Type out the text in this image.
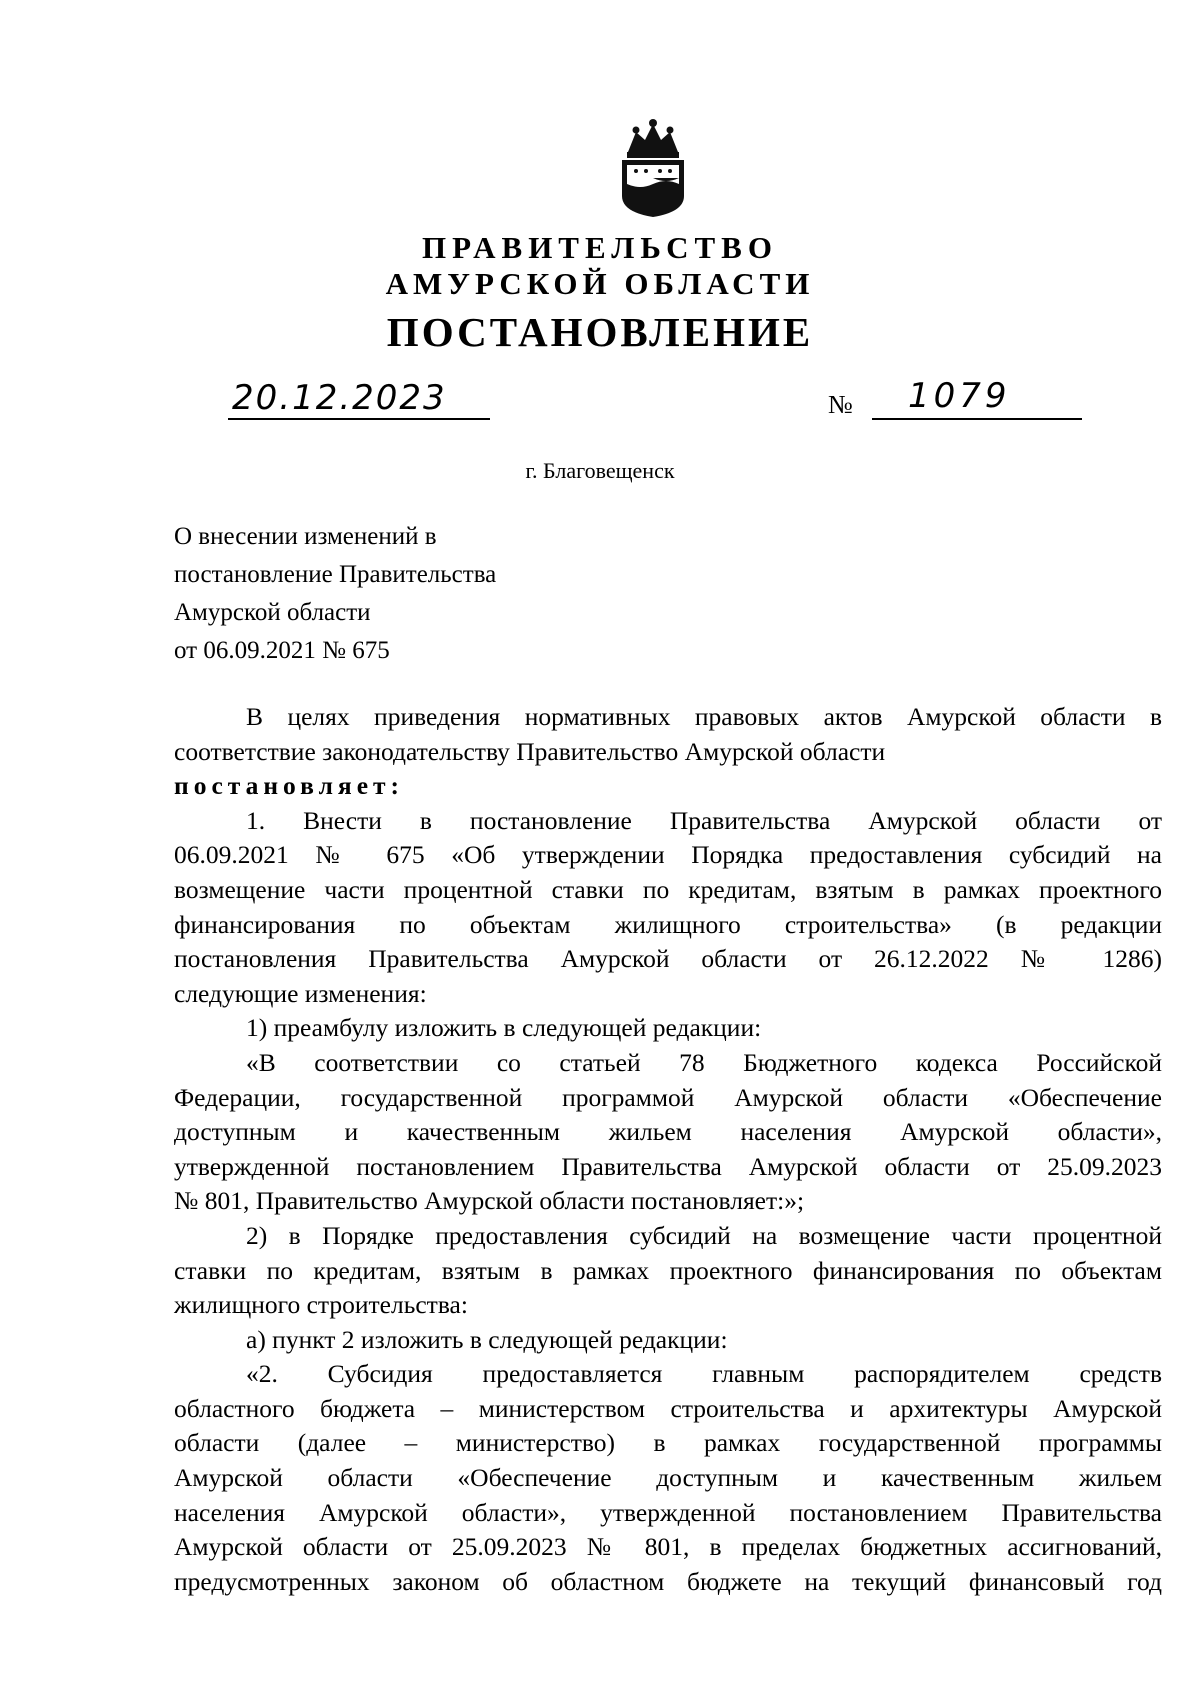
ПРАВИТЕЛЬСТВО
АМУРСКОЙ ОБЛАСТИ
ПОСТАНОВЛЕНИЕ
20.12.2023	№ 1079
г. Благовещенск
О внесении изменений в
постановление Правительства
Амурской области
от 06.09.2021 № 675

В целях приведения нормативных правовых актов Амурской области в

соответствие законодательству Правительство Амурской области

постановляет:

1. Внести в постановление Правительства Амурской области от

06.09.2021 № 675 «Об утверждении Порядка предоставления субсидий на

возмещение части процентной ставки по кредитам, взятым в рамках проектного

финансирования по объектам жилищного строительства» (в редакции

постановления Правительства Амурской области от 26.12.2022 № 1286)

следующие изменения:

1) преамбулу изложить в следующей редакции:

«В соответствии со статьей 78 Бюджетного кодекса Российской

Федерации, государственной программой Амурской области «Обеспечение

доступным и качественным жильем населения Амурской области»,

утвержденной постановлением Правительства Амурской области от 25.09.2023

№ 801, Правительство Амурской области постановляет:»;

2) в Порядке предоставления субсидий на возмещение части процентной

ставки по кредитам, взятым в рамках проектного финансирования по объектам

жилищного строительства:

а) пункт 2 изложить в следующей редакции:

«2. Субсидия предоставляется главным распорядителем средств

областного бюджета – министерством строительства и архитектуры Амурской

области (далее – министерство) в рамках государственной программы

Амурской области «Обеспечение доступным и качественным жильем

населения Амурской области», утвержденной постановлением Правительства

Амурской области от 25.09.2023 № 801, в пределах бюджетных ассигнований,

предусмотренных законом об областном бюджете на текущий финансовый год
